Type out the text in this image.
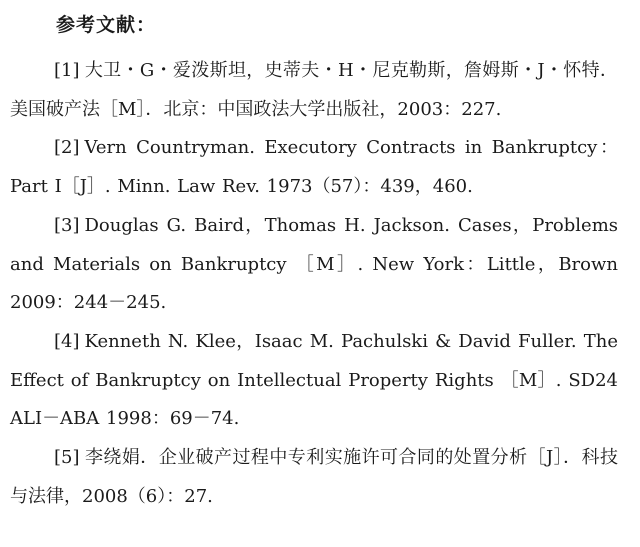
参考文献：

[1] 大卫・G・爱泼斯坦，史蒂夫・H・尼克勒斯，詹姆斯・J・怀特．美国破产法［M］．北京：中国政法大学出版社，2003：227.

[2] Vern Countryman. Executory Contracts in Bankruptcy：Part I［J］. Minn. Law Rev. 1973（57）：439，460.

[3] Douglas G. Baird，Thomas H. Jackson. Cases，Problems and Materials on Bankruptcy ［M］. New York：Little，Brown 2009：244－245.

[4] Kenneth N. Klee，Isaac M. Pachulski & David Fuller. The Effect of Bankruptcy on Intellectual Property Rights ［M］. SD24 ALI－ABA 1998：69－74.

[5] 李绕娟．企业破产过程中专利实施许可合同的处置分析［J］．科技与法律，2008（6）：27.
